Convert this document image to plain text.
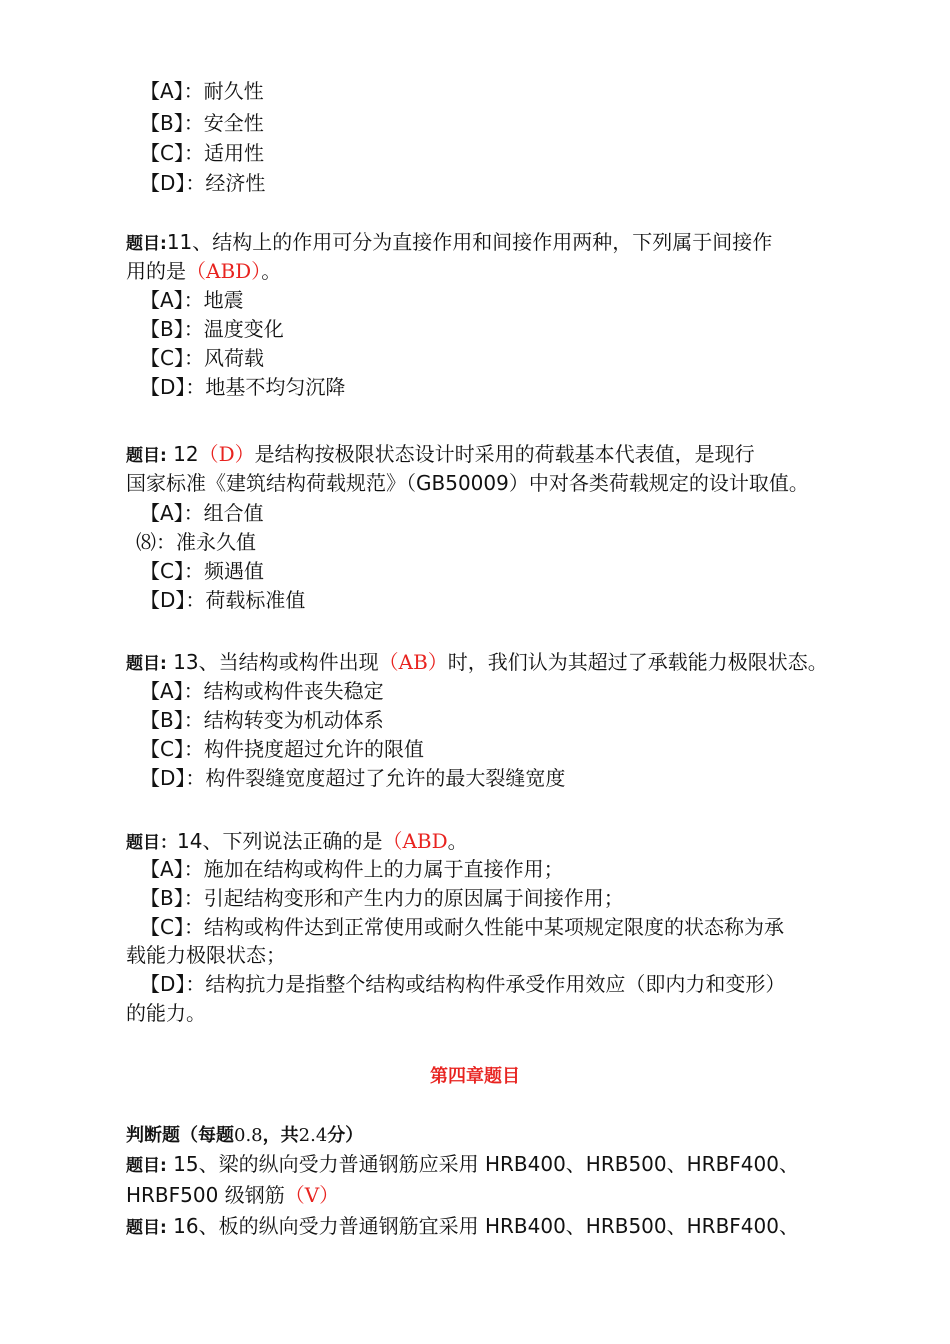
【A】：耐久性
【B】：安全性
【C】：适用性
【D】：经济性
题目:11、结构上的作用可分为直接作用和间接作用两种，下列属于间接作
用的是（ABD）。
【A】：地震
【B】：温度变化
【C】：风荷载
【D】：地基不均匀沉降
题目: 12（D）是结构按极限状态设计时采用的荷载基本代表值，是现行
国家标准《建筑结构荷载规范》（GB50009）中对各类荷载规定的设计取值。
【A】：组合值
⑻：准永久值
【C】：频遇值
【D】：荷载标准值
题目: 13、当结构或构件出现（AB）时，我们认为其超过了承载能力极限状态。
【A】：结构或构件丧失稳定
【B】：结构转变为机动体系
【C】：构件挠度超过允许的限值
【D】：构件裂缝宽度超过了允许的最大裂缝宽度
题目：14、下列说法正确的是（ABD。
【A】：施加在结构或构件上的力属于直接作用；
【B】：引起结构变形和产生内力的原因属于间接作用；
【C】：结构或构件达到正常使用或耐久性能中某项规定限度的状态称为承
载能力极限状态；
【D】：结构抗力是指整个结构或结构构件承受作用效应（即内力和变形）
的能力。
第四章题目
判断题（每题0.8，共2.4分）
题目: 15、梁的纵向受力普通钢筋应采用 HRB400、HRB500、HRBF400、
HRBF500 级钢筋（V）
题目: 16、板的纵向受力普通钢筋宜采用 HRB400、HRB500、HRBF400、
